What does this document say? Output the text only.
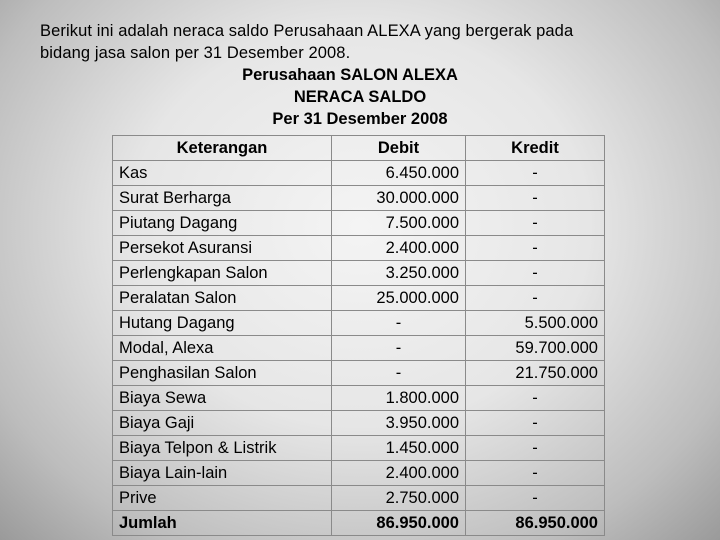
Berikut ini adalah neraca saldo Perusahaan ALEXA yang bergerak pada
bidang jasa salon per 31 Desember 2008.
Perusahaan SALON ALEXA
NERACA SALDO
Per 31 Desember 2008
Keterangan	Debit	Kredit
Kas	6.450.000	-
Surat Berharga	30.000.000	-
Piutang Dagang	7.500.000	-
Persekot Asuransi	2.400.000	-
Perlengkapan Salon	3.250.000	-
Peralatan Salon	25.000.000	-
Hutang Dagang	-	5.500.000
Modal, Alexa	-	59.700.000
Penghasilan Salon	-	21.750.000
Biaya Sewa	1.800.000	-
Biaya Gaji	3.950.000	-
Biaya Telpon & Listrik	1.450.000	-
Biaya Lain-lain	2.400.000	-
Prive	2.750.000	-
Jumlah	86.950.000	86.950.000
